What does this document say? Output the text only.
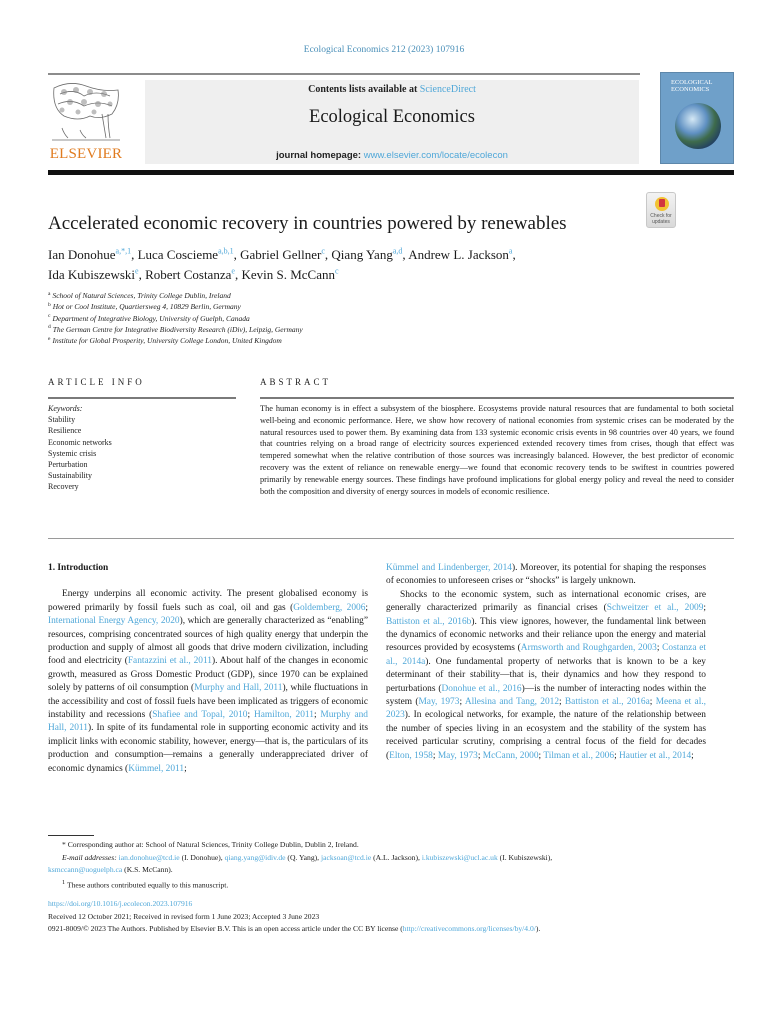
Ecological Economics 212 (2023) 107916
ELSEVIER
Contents lists available at ScienceDirect
Ecological Economics
journal homepage: www.elsevier.com/locate/ecolecon
ECOLOGICAL
ECONOMICS
Check for updates
Accelerated economic recovery in countries powered by renewables
Ian Donohue$^{a,*,1}$, Luca Coscieme$^{a,b,1}$, Gabriel Gellner$^c$, Qiang Yang$^{a,d}$, Andrew L. Jackson$^a$,
Ida Kubiszewski$^e$, Robert Costanza$^e$, Kevin S. McCann$^c$
$^a$ School of Natural Sciences, Trinity College Dublin, Ireland
$^b$ Hot or Cool Institute, Quartiersweg 4, 10829 Berlin, Germany
$^c$ Department of Integrative Biology, University of Guelph, Canada
$^d$ The German Centre for Integrative Biodiversity Research (iDiv), Leipzig, Germany
$^e$ Institute for Global Prosperity, University College London, United Kingdom
ARTICLE INFO	ABSTRACT
Keywords:
Stability
Resilience
Economic networks
Systemic crisis
Perturbation
Sustainability
Recovery
The human economy is in effect a subsystem of the biosphere. Ecosystems provide natural resources that are fundamental to both societal well-being and economic performance. Here, we show how recovery of national economies from systemic crises can be moderated by the natural resources used to power them. By examining data from 133 systemic economic crisis events in 98 countries over 40 years, we found that countries relying on a broad range of electricity sources experienced extended recovery times from crises, though that effect was tempered somewhat when the relative contribution of those sources was increasingly balanced. However, the best predictor of economic recovery was the extent of reliance on renewable energy—we found that economic recovery tends to be swiftest in countries powered primarily by renewable energy sources. These findings have profound implications for global energy policy and reveal the need to consider both the composition and diversity of energy sources in models of economic resilience.
1. Introduction

Energy underpins all economic activity. The present globalised economy is powered primarily by fossil fuels such as coal, oil and gas (Goldemberg, 2006; International Energy Agency, 2020), which are generally characterized as “enabling” resources, comprising concentrated sources of high quality energy that underpin the production and supply of almost all goods that drive modern civilization, including food and electricity (Fantazzini et al., 2011). About half of the changes in economic growth, measured as Gross Domestic Product (GDP), since 1970 can be explained solely by patterns of oil consumption (Murphy and Hall, 2011), while fluctuations in the accessibility and cost of fossil fuels have been implicated as triggers of economic instability and recessions (Shafiee and Topal, 2010; Hamilton, 2011; Murphy and Hall, 2011). In spite of its fundamental role in supporting economic activity and its implicit links with economic stability, however, energy—that is, the particulars of its production and consumption—remains a generally underappreciated driver of economic dynamics (Kümmel, 2011;

Kümmel and Lindenberger, 2014). Moreover, its potential for shaping the responses of economies to unforeseen crises or “shocks” is largely unknown.

Shocks to the economic system, such as international economic crises, are generally characterized primarily as financial crises (Schweitzer et al., 2009; Battiston et al., 2016b). This view ignores, however, the fundamental link between the dynamics of economic networks and their reliance upon the energy and material resources provided by ecosystems (Armsworth and Roughgarden, 2003; Costanza et al., 2014a). One fundamental property of networks that is known to be a key determinant of their stability—that is, their dynamics and how they respond to perturbations (Donohue et al., 2016)—is the number of interacting nodes within the system (May, 1973; Allesina and Tang, 2012; Battiston et al., 2016a; Meena et al., 2023). In ecological networks, for example, the nature of the relationship between the number of species living in an ecosystem and the stability of the system has received particular scrutiny, comprising a central focus of the field for decades (Elton, 1958; May, 1973; McCann, 2000; Tilman et al., 2006; Hautier et al., 2014;

* Corresponding author at: School of Natural Sciences, Trinity College Dublin, Dublin 2, Ireland.
E-mail addresses: ian.donohue@tcd.ie (I. Donohue), qiang.yang@idiv.de (Q. Yang), jacksoan@tcd.ie (A.L. Jackson), i.kubiszewski@ucl.ac.uk (I. Kubiszewski),
ksmccann@uoguelph.ca (K.S. McCann).
$^1$ These authors contributed equally to this manuscript.
https://doi.org/10.1016/j.ecolecon.2023.107916
Received 12 October 2021; Received in revised form 1 June 2023; Accepted 3 June 2023
0921-8009/© 2023 The Authors. Published by Elsevier B.V. This is an open access article under the CC BY license (http://creativecommons.org/licenses/by/4.0/).
